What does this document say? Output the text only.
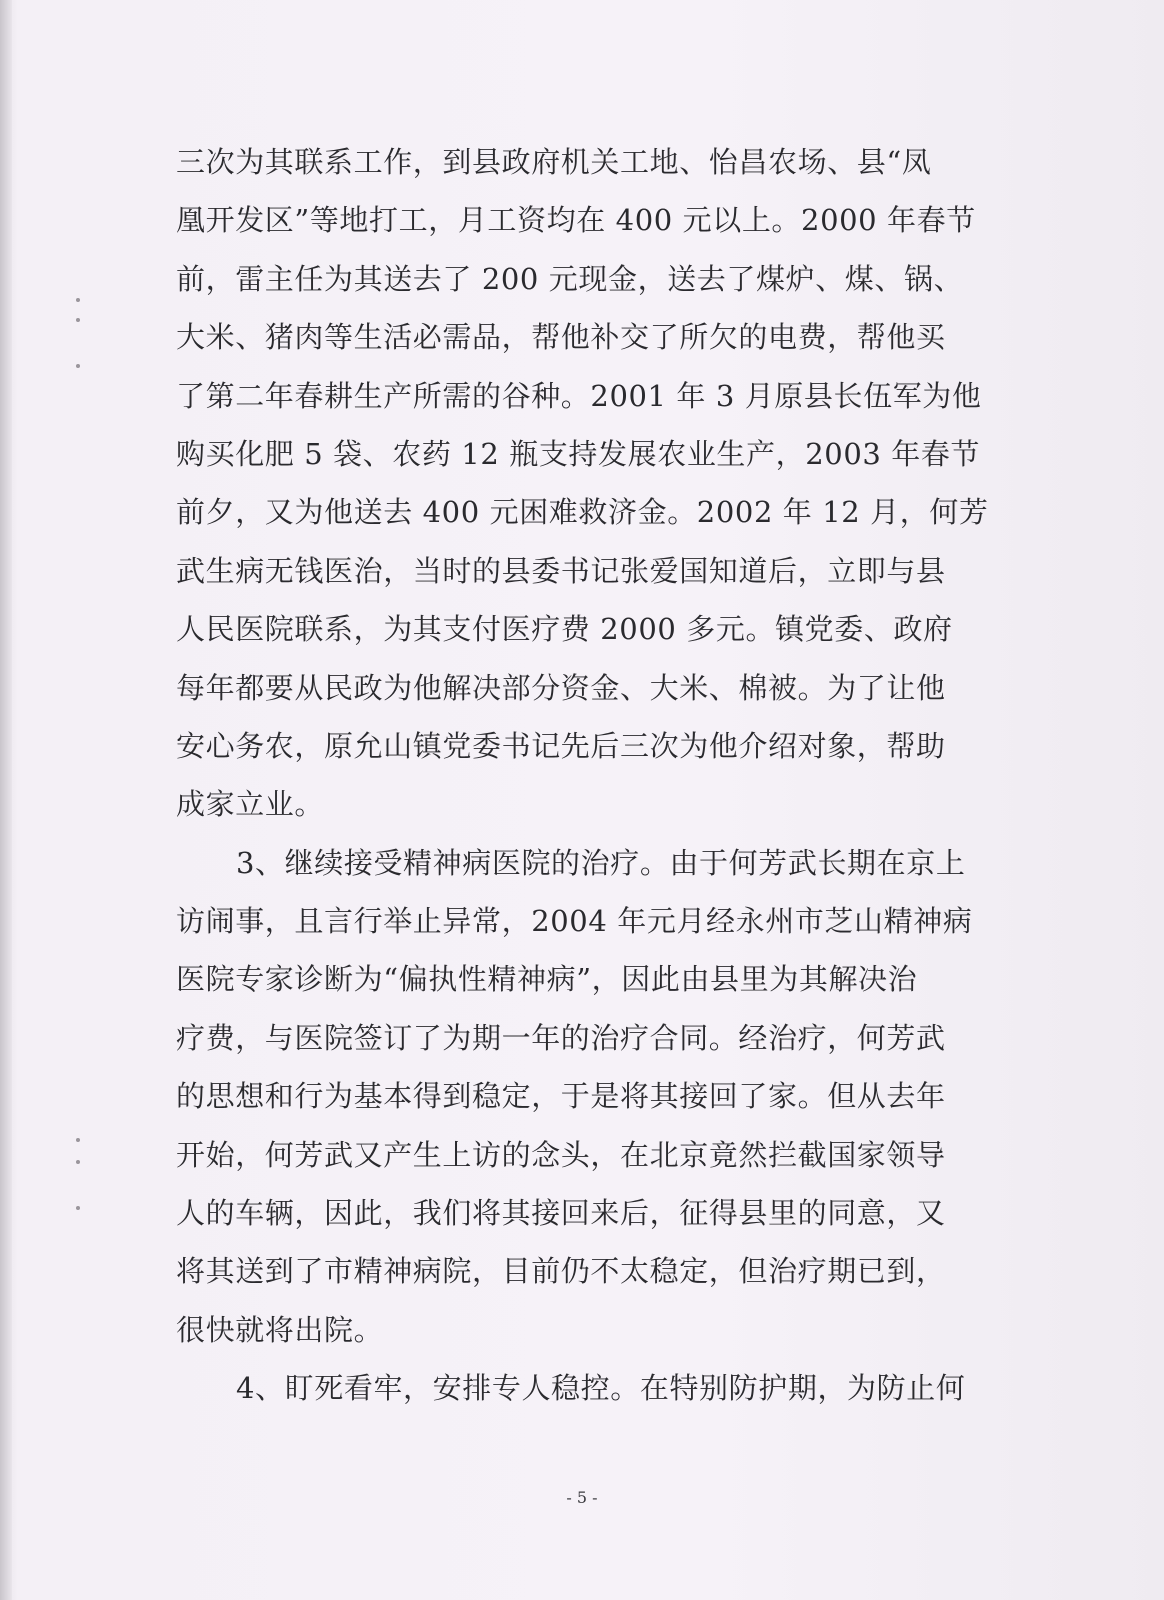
三次为其联系工作，到县政府机关工地、怡昌农场、县“凤
凰开发区”等地打工，月工资均在 400 元以上。2000 年春节
前，雷主任为其送去了 200 元现金，送去了煤炉、煤、锅、
大米、猪肉等生活必需品，帮他补交了所欠的电费，帮他买
了第二年春耕生产所需的谷种。2001 年 3 月原县长伍军为他
购买化肥 5 袋、农药 12 瓶支持发展农业生产，2003 年春节
前夕，又为他送去 400 元困难救济金。2002 年 12 月，何芳
武生病无钱医治，当时的县委书记张爱国知道后，立即与县
人民医院联系，为其支付医疗费 2000 多元。镇党委、政府
每年都要从民政为他解决部分资金、大米、棉被。为了让他
安心务农，原允山镇党委书记先后三次为他介绍对象，帮助
成家立业。
3、继续接受精神病医院的治疗。由于何芳武长期在京上
访闹事，且言行举止异常，2004 年元月经永州市芝山精神病
医院专家诊断为“偏执性精神病”，因此由县里为其解决治
疗费，与医院签订了为期一年的治疗合同。经治疗，何芳武
的思想和行为基本得到稳定，于是将其接回了家。但从去年
开始，何芳武又产生上访的念头，在北京竟然拦截国家领导
人的车辆，因此，我们将其接回来后，征得县里的同意，又
将其送到了市精神病院，目前仍不太稳定，但治疗期已到，
很快就将出院。
4、盯死看牢，安排专人稳控。在特别防护期，为防止何
- 5 -
